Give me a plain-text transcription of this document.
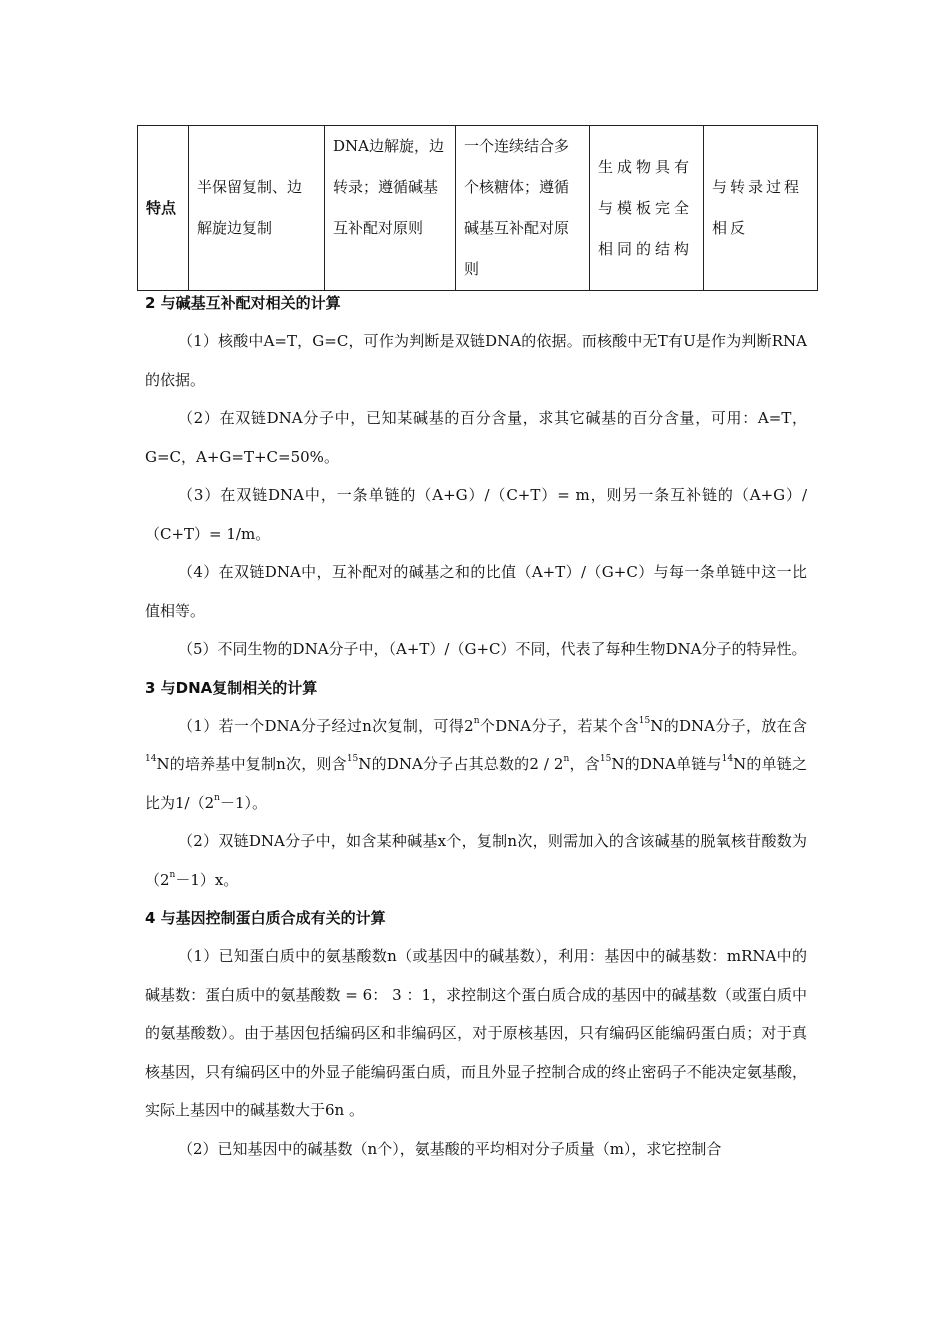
特点	半保留复制、边解旋边复制	DNA边解旋，边转录；遵循碱基互补配对原则	一个连续结合多个核糖体；遵循碱基互补配对原则	生成物具有与模板完全相同的结构	与转录过程相反

2 与碱基互补配对相关的计算

（1）核酸中A=T，G=C，可作为判断是双链DNA的依据。而核酸中无T有U是作为判断RNA的依据。

（2）在双链DNA分子中，已知某碱基的百分含量，求其它碱基的百分含量，可用：A=T，G=C，A+G=T+C=50%。

（3）在双链DNA中，一条单链的（A+G）/（C+T）= m，则另一条互补链的（A+G）/（C+T）= 1/m。

（4）在双链DNA中，互补配对的碱基之和的比值（A+T）/（G+C）与每一条单链中这一比值相等。

（5）不同生物的DNA分子中，（A+T）/（G+C）不同，代表了每种生物DNA分子的特异性。

3 与DNA复制相关的计算

（1）若一个DNA分子经过n次复制，可得2$^n$个DNA分子，若某个含$^{15}$N的DNA分子，放在含$^{14}$N的培养基中复制n次，则含$^{15}$N的DNA分子占其总数的2 / 2$^n$，含$^{15}$N的DNA单链与$^{14}$N的单链之比为$1/(2^n-1)$。

（2）双链DNA分子中，如含某种碱基x个，复制n次，则需加入的含该碱基的脱氧核苷酸数为$(2^n-1)x$。

4 与基因控制蛋白质合成有关的计算

（1）已知蛋白质中的氨基酸数n（或基因中的碱基数），利用：基因中的碱基数：mRNA中的碱基数：蛋白质中的氨基酸数 = 6： 3 ：1，求控制这个蛋白质合成的基因中的碱基数（或蛋白质中的氨基酸数）。由于基因包括编码区和非编码区，对于原核基因，只有编码区能编码蛋白质；对于真核基因，只有编码区中的外显子能编码蛋白质，而且外显子控制合成的终止密码子不能决定氨基酸，实际上基因中的碱基数大于6n 。

（2）已知基因中的碱基数（n个），氨基酸的平均相对分子质量（m），求它控制合
